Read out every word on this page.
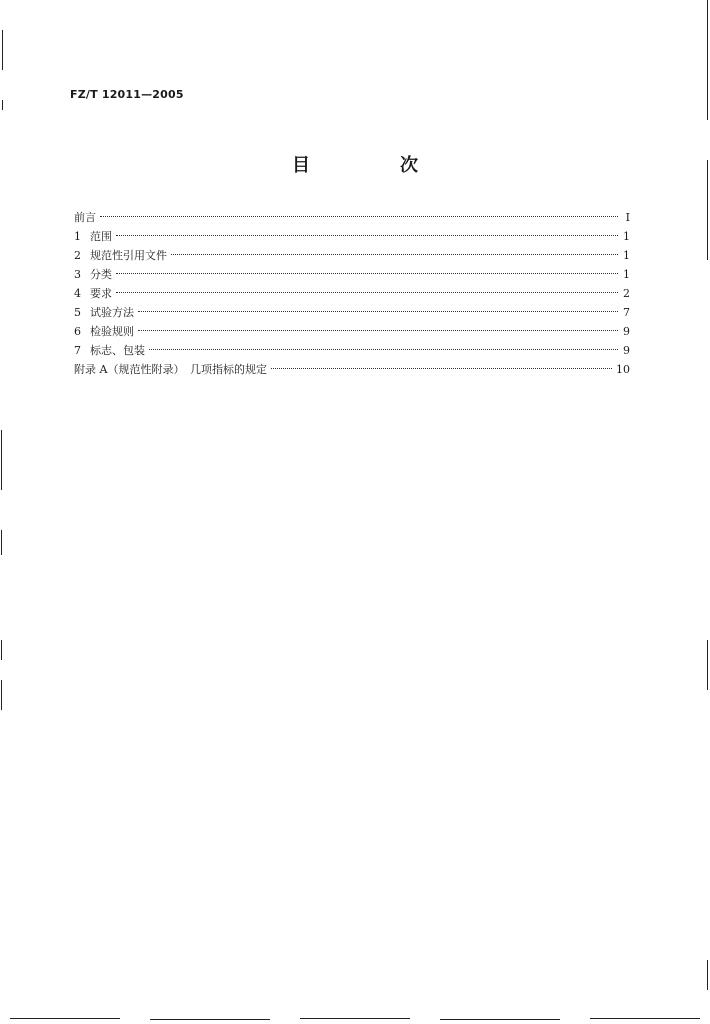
FZ/T 12011—2005
目　次
前言	I
1 范围	1
2 规范性引用文件	1
3 分类	1
4 要求	2
5 试验方法	7
6 检验规则	9
7 标志、包装	9
附录 A（规范性附录）　几项指标的规定	10
